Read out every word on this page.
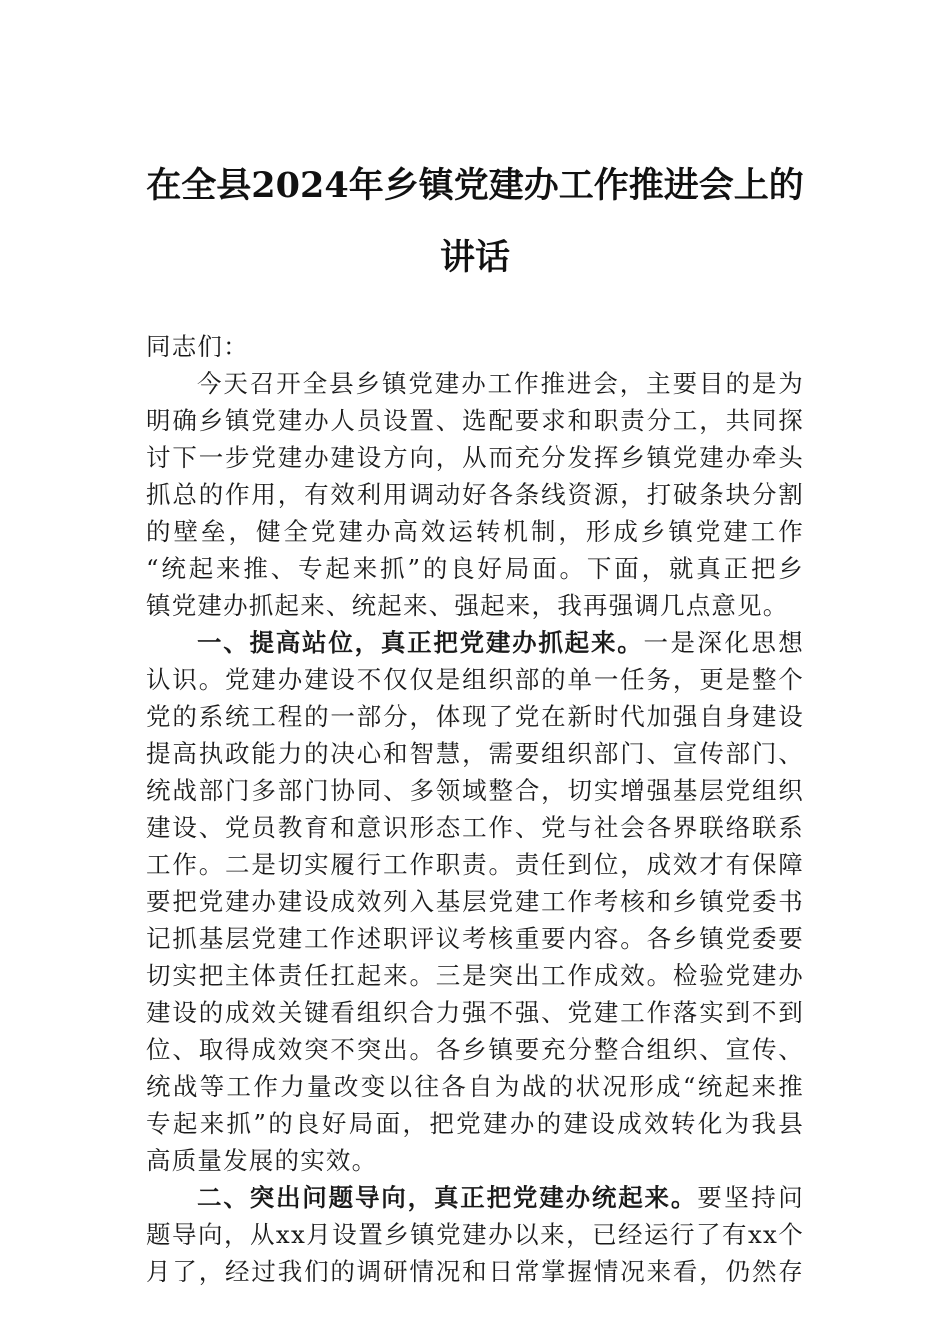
在全县2024年乡镇党建办工作推进会上的
讲话

同志们：

今天召开全县乡镇党建办工作推进会，主要目的是为
明确乡镇党建办人员设置、选配要求和职责分工，共同探
讨下一步党建办建设方向，从而充分发挥乡镇党建办牵头
抓总的作用，有效利用调动好各条线资源，打破条块分割
的壁垒，健全党建办高效运转机制，形成乡镇党建工作
“统起来推、专起来抓”的良好局面。下面，就真正把乡
镇党建办抓起来、统起来、强起来，我再强调几点意见。
一、提高站位，真正把党建办抓起来。一是深化思想
认识。党建办建设不仅仅是组织部的单一任务，更是整个
党的系统工程的一部分，体现了党在新时代加强自身建设
提高执政能力的决心和智慧，需要组织部门、宣传部门、
统战部门多部门协同、多领域整合，切实增强基层党组织
建设、党员教育和意识形态工作、党与社会各界联络联系
工作。二是切实履行工作职责。责任到位，成效才有保障
要把党建办建设成效列入基层党建工作考核和乡镇党委书
记抓基层党建工作述职评议考核重要内容。各乡镇党委要
切实把主体责任扛起来。三是突出工作成效。检验党建办
建设的成效关键看组织合力强不强、党建工作落实到不到
位、取得成效突不突出。各乡镇要充分整合组织、宣传、
统战等工作力量改变以往各自为战的状况形成“统起来推
专起来抓”的良好局面，把党建办的建设成效转化为我县
高质量发展的实效。
二、突出问题导向，真正把党建办统起来。要坚持问
题导向，从xx月设置乡镇党建办以来，已经运行了有xx个
月了，经过我们的调研情况和日常掌握情况来看，仍然存
